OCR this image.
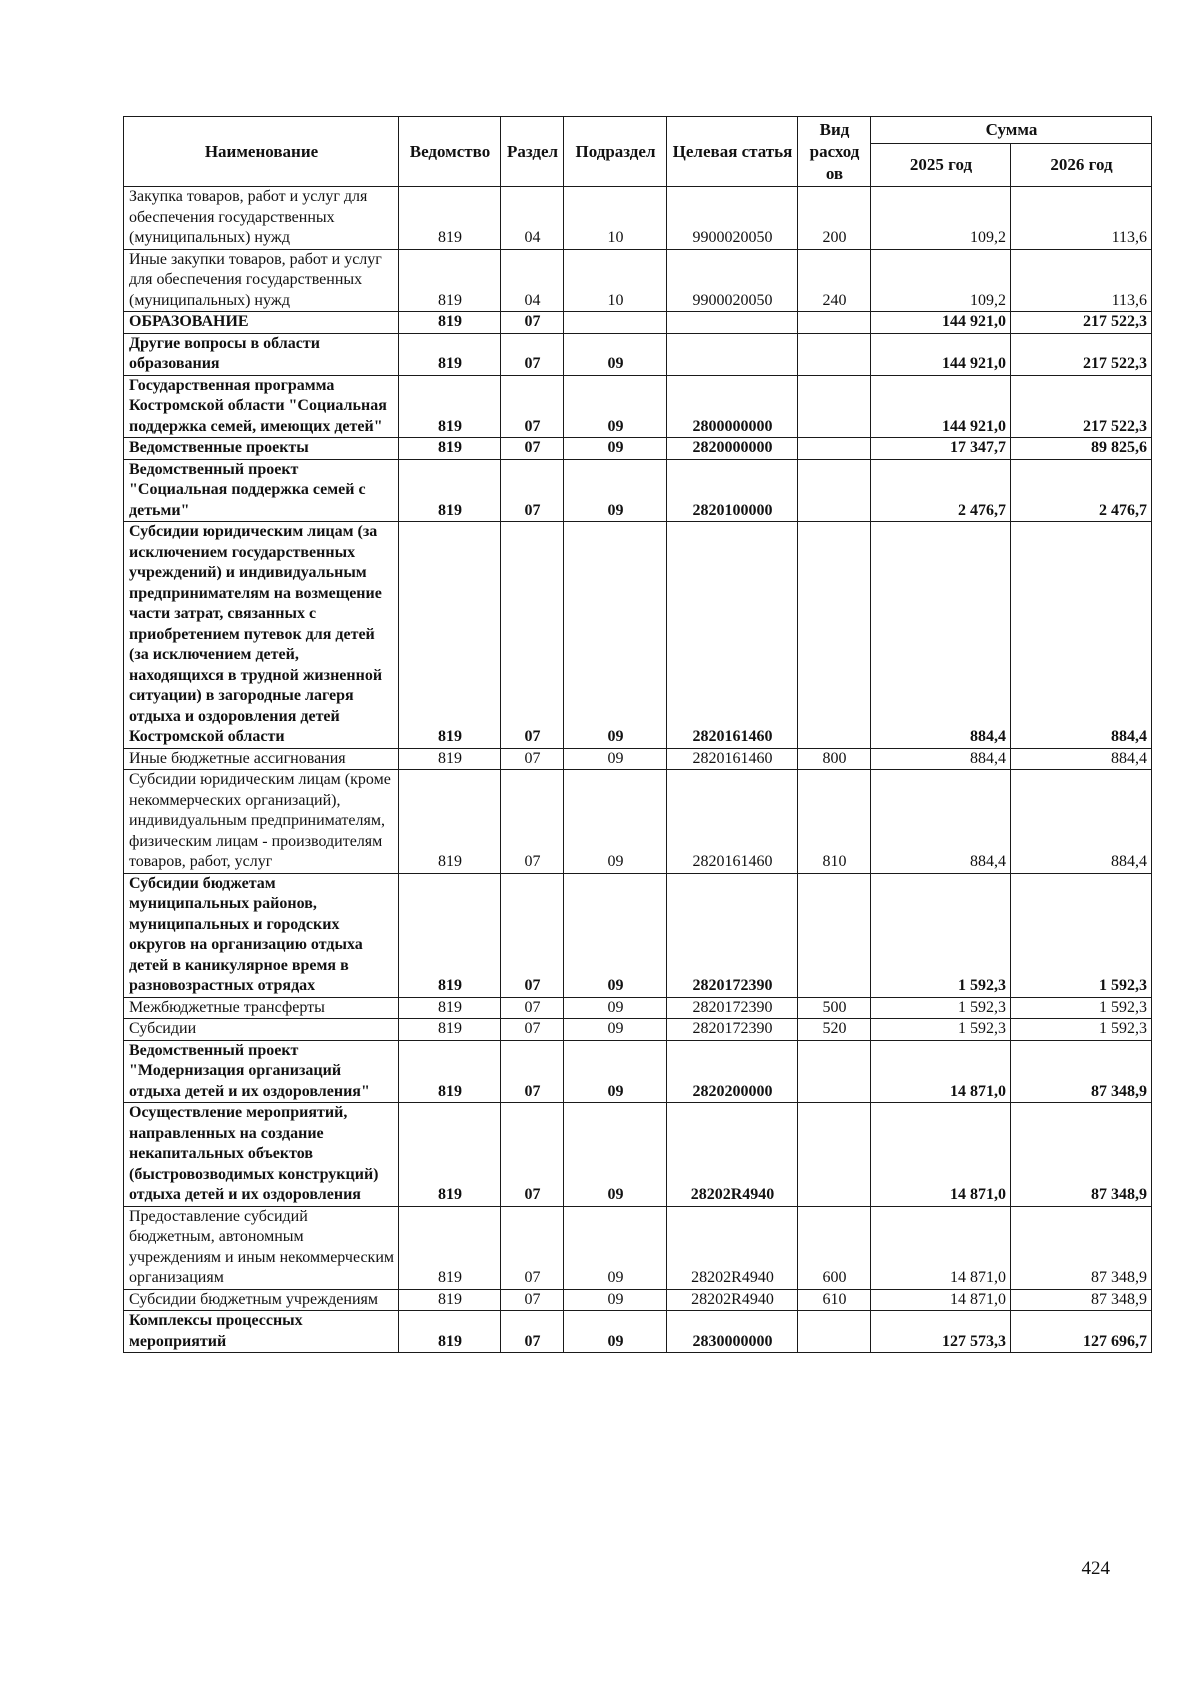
Наименование	Ведомство	Раздел	Подраздел	Целевая статья	Вид расход ов	Сумма	
						2025 год	2026 год
Закупка товаров, работ и услуг для обеспечения государственных (муниципальных) нужд	819	04	10	9900020050	200	109,2	113,6
Иные закупки товаров, работ и услуг для обеспечения государственных (муниципальных) нужд	819	04	10	9900020050	240	109,2	113,6
ОБРАЗОВАНИЕ	819	07				144 921,0	217 522,3
Другие вопросы в области образования	819	07	09			144 921,0	217 522,3
Государственная программа Костромской области "Социальная поддержка семей, имеющих детей"	819	07	09	2800000000		144 921,0	217 522,3
Ведомственные проекты	819	07	09	2820000000		17 347,7	89 825,6
Ведомственный проект "Социальная поддержка семей с детьми"	819	07	09	2820100000		2 476,7	2 476,7
Субсидии юридическим лицам (за исключением государственных учреждений) и индивидуальным предпринимателям на возмещение части затрат, связанных с приобретением путевок для детей (за исключением детей, находящихся в трудной жизненной ситуации) в загородные лагеря отдыха и оздоровления детей Костромской области	819	07	09	2820161460		884,4	884,4
Иные бюджетные ассигнования	819	07	09	2820161460	800	884,4	884,4
Субсидии юридическим лицам (кроме некоммерческих организаций), индивидуальным предпринимателям, физическим лицам - производителям товаров, работ, услуг	819	07	09	2820161460	810	884,4	884,4
Субсидии бюджетам муниципальных районов, муниципальных и городских округов на организацию отдыха детей в каникулярное время в разновозрастных отрядах	819	07	09	2820172390		1 592,3	1 592,3
Межбюджетные трансферты	819	07	09	2820172390	500	1 592,3	1 592,3
Субсидии	819	07	09	2820172390	520	1 592,3	1 592,3
Ведомственный проект "Модернизация организаций отдыха детей и их оздоровления"	819	07	09	2820200000		14 871,0	87 348,9
Осуществление мероприятий, направленных на создание некапитальных объектов (быстровозводимых конструкций) отдыха детей и их оздоровления	819	07	09	28202R4940		14 871,0	87 348,9
Предоставление субсидий бюджетным, автономным учреждениям и иным некоммерческим организациям	819	07	09	28202R4940	600	14 871,0	87 348,9
Субсидии бюджетным учреждениям	819	07	09	28202R4940	610	14 871,0	87 348,9
Комплексы процессных мероприятий	819	07	09	2830000000		127 573,3	127 696,7
424
